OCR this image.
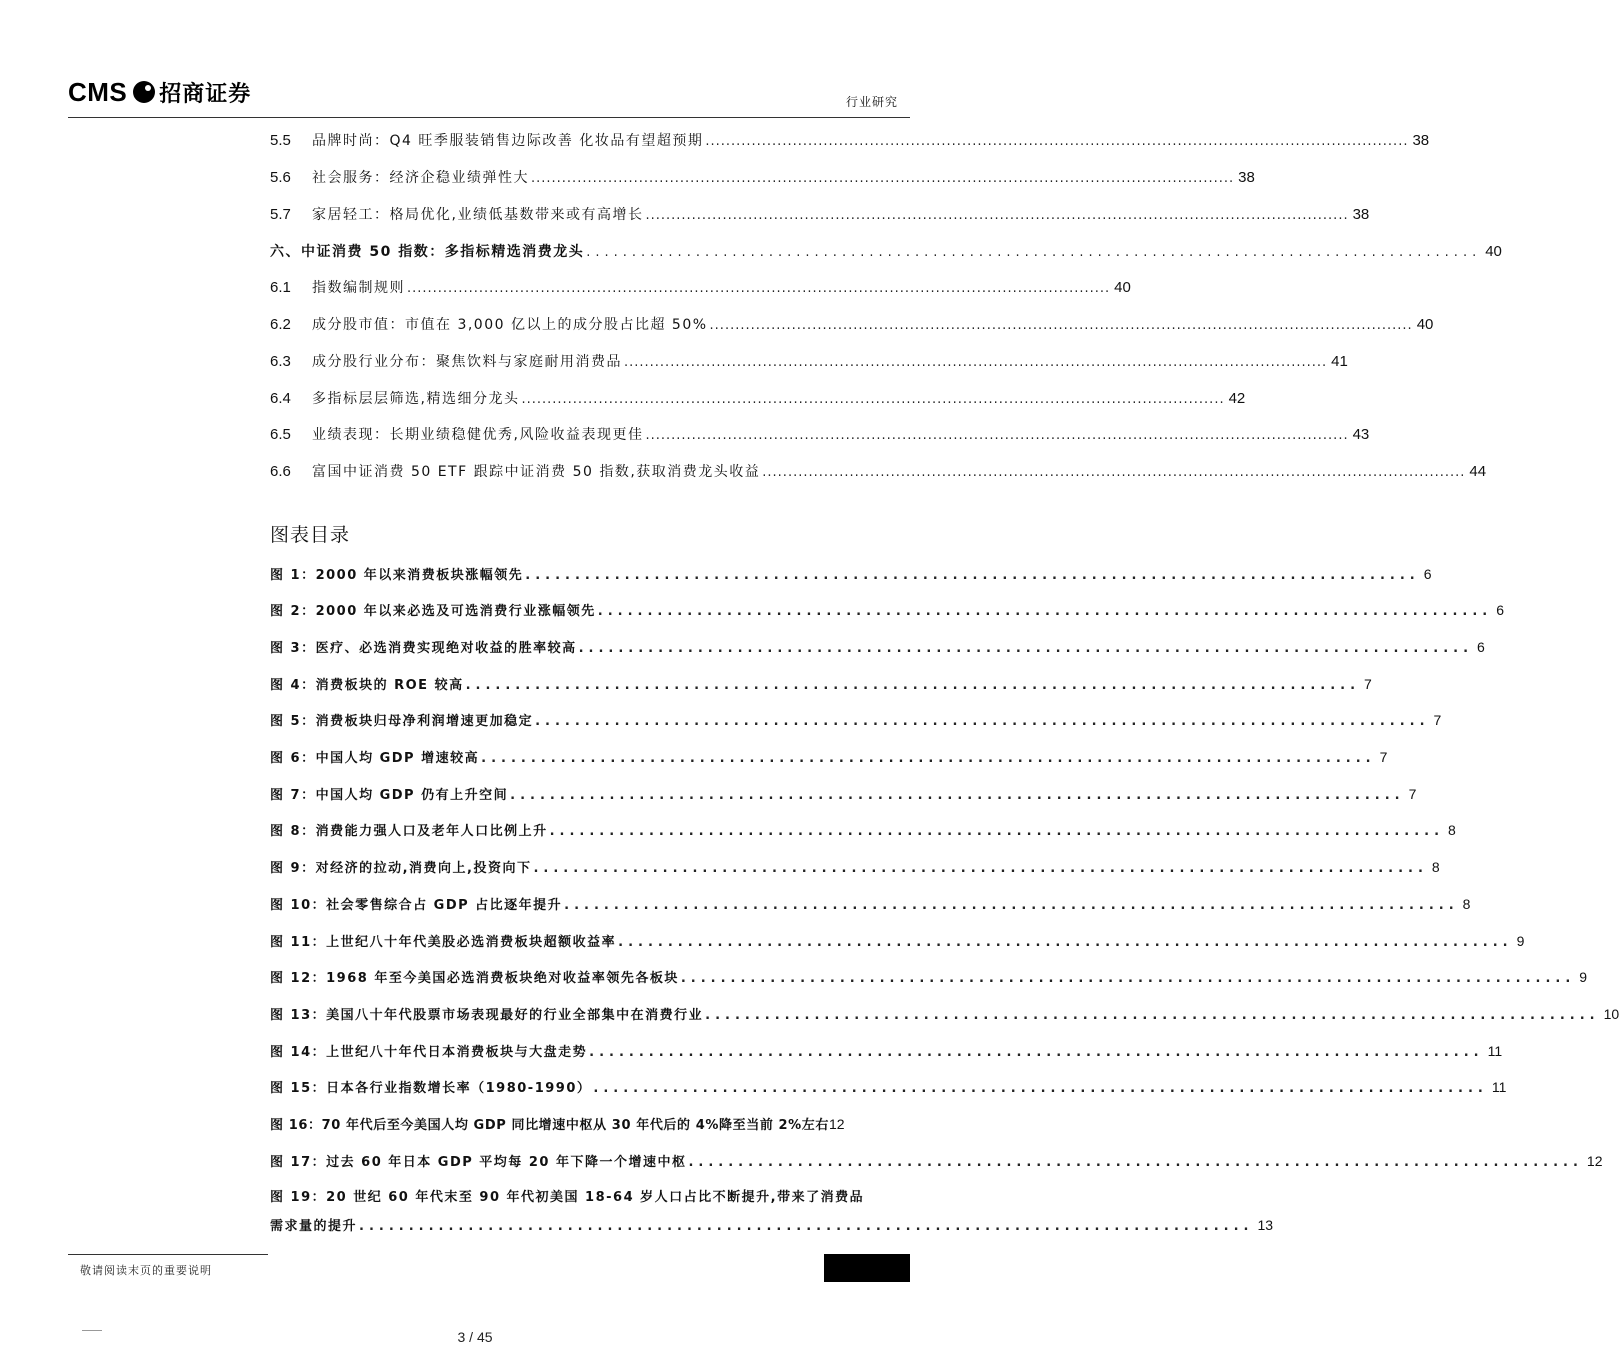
CMS 招商证券	行业研究
5.5	品牌时尚：Q4 旺季服装销售边际改善 化妆品有望超预期 ......................................................................................................................................... 38
5.6	社会服务：经济企稳业绩弹性大 ......................................................................................................................................... 38
5.7	家居轻工：格局优化,业绩低基数带来或有高增长 ......................................................................................................................................... 38
六、中证消费 50 指数：多指标精选消费龙头 .................................................................................................. 40
6.1	指数编制规则 ......................................................................................................................................... 40
6.2	成分股市值：市值在 3,000 亿以上的成分股占比超 50% ......................................................................................................................................... 40
6.3	成分股行业分布：聚焦饮料与家庭耐用消费品 ......................................................................................................................................... 41
6.4	多指标层层筛选,精选细分龙头 ......................................................................................................................................... 42
6.5	业绩表现：长期业绩稳健优秀,风险收益表现更佳 ......................................................................................................................................... 43
6.6	富国中证消费 50 ETF 跟踪中证消费 50 指数,获取消费龙头收益 ......................................................................................................................................... 44
图表目录
图 1：2000 年以来消费板块涨幅领先 .......................................................................................... 6
图 2：2000 年以来必选及可选消费行业涨幅领先 .......................................................................................... 6
图 3：医疗、必选消费实现绝对收益的胜率较高 .......................................................................................... 6
图 4：消费板块的 ROE 较高 .......................................................................................... 7
图 5：消费板块归母净利润增速更加稳定 .......................................................................................... 7
图 6：中国人均 GDP 增速较高 .......................................................................................... 7
图 7：中国人均 GDP 仍有上升空间 .......................................................................................... 7
图 8：消费能力强人口及老年人口比例上升 .......................................................................................... 8
图 9：对经济的拉动,消费向上,投资向下 .......................................................................................... 8
图 10：社会零售综合占 GDP 占比逐年提升 .......................................................................................... 8
图 11：上世纪八十年代美股必选消费板块超额收益率 .......................................................................................... 9
图 12：1968 年至今美国必选消费板块绝对收益率领先各板块 .......................................................................................... 9
图 13：美国八十年代股票市场表现最好的行业全部集中在消费行业 .......................................................................................... 10
图 14：上世纪八十年代日本消费板块与大盘走势 .......................................................................................... 11
图 15：日本各行业指数增长率（1980-1990） .......................................................................................... 11
图 16：70 年代后至今美国人均 GDP 同比增速中枢从 30 年代后的 4%降至当前 2%左右 12
图 17：过去 60 年日本 GDP 平均每 20 年下降一个增速中枢 .......................................................................................... 12
图 19：20 世纪 60 年代末至 90 年代初美国 18-64 岁人口占比不断提升,带来了消费品
需求量的提升 .......................................................................................... 13
敬请阅读末页的重要说明
3 / 45
